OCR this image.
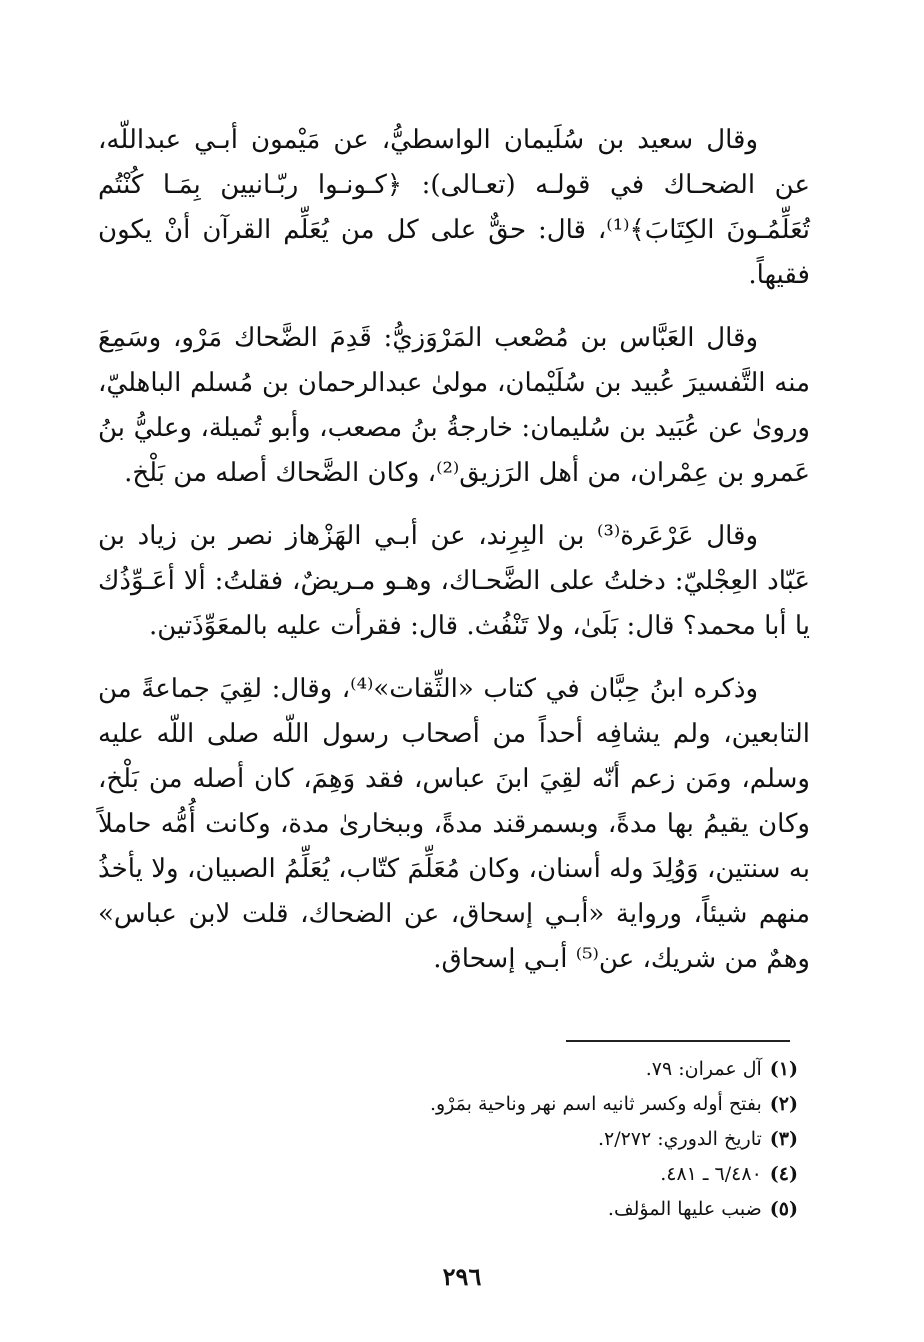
وقال سعيد بن سُلَيمان الواسطيُّ، عن مَيْمون أبـي عبداللّه، عن الضحـاك في قولـه (تعـالى): ﴿كـونـوا ربّـانيين بِمَـا كُنْتُم تُعَلِّمُـونَ الكِتَابَ﴾⁽¹⁾، قال: حقٌّ على كل من يُعَلِّم القرآن أنْ يكون فقيهاً.

وقال العَبَّاس بن مُصْعب المَرْوَزيُّ: قَدِمَ الضَّحاك مَرْو، وسَمِعَ منه التَّفسيرَ عُبيد بن سُلَيْمان، مولىٰ عبدالرحمان بن مُسلم الباهليّ، وروىٰ عن عُبَيد بن سُليمان: خارجةُ بنُ مصعب، وأبو تُميلة، وعليُّ بنُ عَمرو بن عِمْران، من أهل الرَزيق⁽²⁾، وكان الضَّحاك أصله من بَلْخ.

وقال عَرْعَرة⁽³⁾ بن البِرِند، عن أبـي الهَزْهاز نصر بن زياد بن عَبّاد العِجْليّ: دخلتُ على الضَّحـاك، وهـو مـريضٌ، فقلتُ: ألا أعَـوِّذُك يا أبا محمد؟ قال: بَلَىٰ، ولا تَنْفُث. قال: فقرأت عليه بالمعَوِّذَتين.

وذكره ابنُ حِبَّان في كتاب «الثِّقات»⁽⁴⁾، وقال: لقِيَ جماعةً من التابعين، ولم يشافِه أحداً من أصحاب رسول اللّه صلى اللّه عليه وسلم، ومَن زعم أنّه لقِيَ ابنَ عباس، فقد وَهِمَ، كان أصله من بَلْخ، وكان يقيمُ بها مدةً، وبسمرقند مدةً، وببخارىٰ مدة، وكانت أُمُّه حاملاً به سنتين، وَوُلِدَ وله أسنان، وكان مُعَلِّمَ كتّاب، يُعَلِّمُ الصبيان، ولا يأخذُ منهم شيئاً، ورواية «أبـي إسحاق، عن الضحاك، قلت لابن عباس» وهمٌ من شريك، عن⁽⁵⁾ أبـي إسحاق.

(١)آل عمران: ٧٩.
(٢)بفتح أوله وكسر ثانيه اسم نهر وناحية بمَرْو.
(٣)تاريخ الدوري: ٢/٢٧٢.
(٤)٦/٤٨٠ ـ ٤٨١.
(٥)ضبب عليها المؤلف.
٢٩٦
